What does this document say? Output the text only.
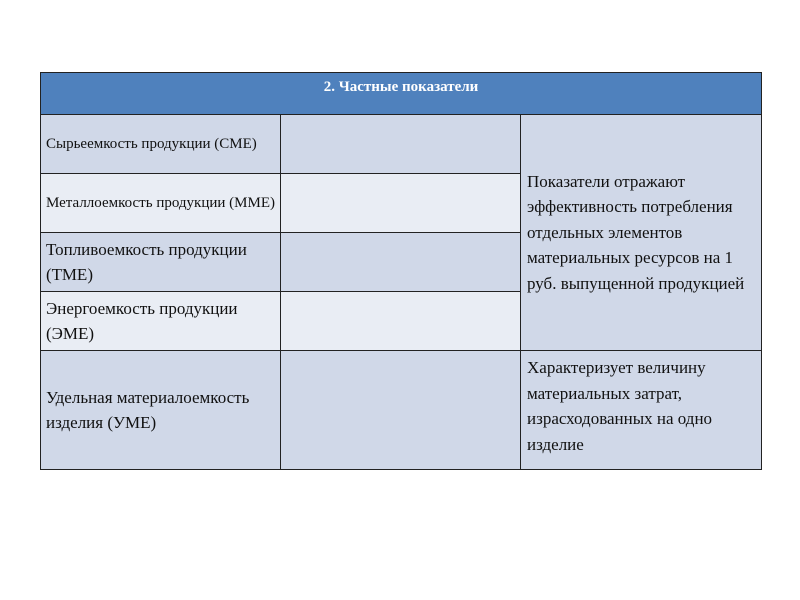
2. Частные показатели		
Сырьеемкость продукции (СМЕ)		Показатели отражают эффективность потребления отдельных элементов материальных ресурсов на 1 руб. выпущенной продукцией
Металлоемкость продукции (ММЕ)		
Топливоемкость продукции (ТМЕ)		
Энергоемкость продукции (ЭМЕ)		
Удельная материалоемкость изделия (УМЕ)		Характеризует величину материальных затрат, израсходованных на одно изделие
